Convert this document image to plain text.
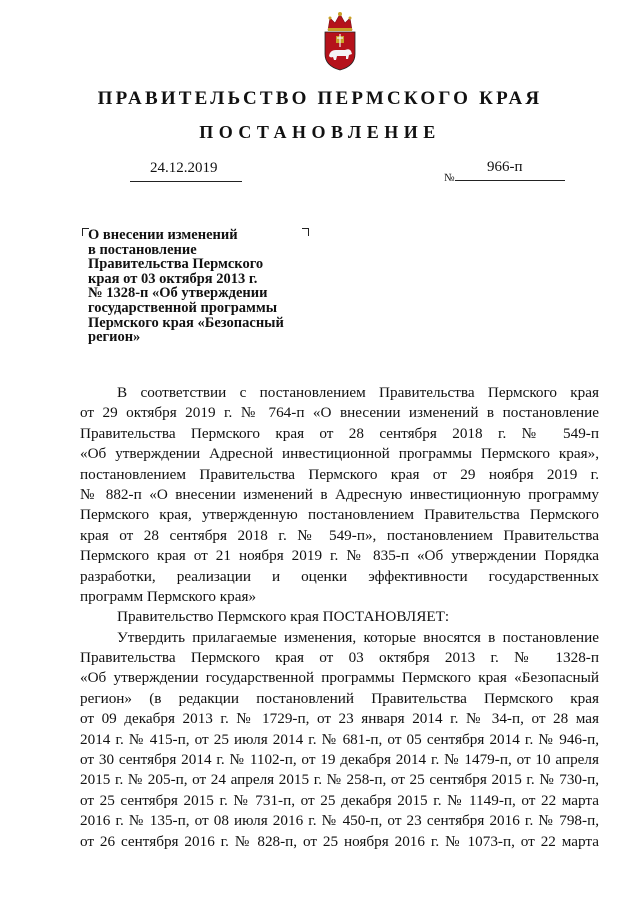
ПРАВИТЕЛЬСТВО ПЕРМСКОГО КРАЯ
ПОСТАНОВЛЕНИЕ
24.12.2019
№
966-п
О внесении изменений
в постановление
Правительства Пермского
края от 03 октября 2013 г.
№ 1328-п «Об утверждении
государственной программы
Пермского края «Безопасный
регион»
В соответствии с постановлением Правительства Пермского края
от 29 октября 2019 г. № 764-п «О внесении изменений в постановление
Правительства Пермского края от 28 сентября 2018 г. № 549-п
«Об утверждении Адресной инвестиционной программы Пермского края»,
постановлением Правительства Пермского края от 29 ноября 2019 г.
№ 882-п «О внесении изменений в Адресную инвестиционную программу
Пермского края, утвержденную постановлением Правительства Пермского
края от 28 сентября 2018 г. № 549-п», постановлением Правительства
Пермского края от 21 ноября 2019 г. № 835-п «Об утверждении Порядка
разработки, реализации и оценки эффективности государственных
программ Пермского края»
Правительство Пермского края ПОСТАНОВЛЯЕТ:
Утвердить прилагаемые изменения, которые вносятся в постановление
Правительства Пермского края от 03 октября 2013 г. № 1328-п
«Об утверждении государственной программы Пермского края «Безопасный
регион» (в редакции постановлений Правительства Пермского края
от 09 декабря 2013 г. № 1729-п, от 23 января 2014 г. № 34-п, от 28 мая
2014 г. № 415-п, от 25 июля 2014 г. № 681-п, от 05 сентября 2014 г. № 946-п,
от 30 сентября 2014 г. № 1102-п, от 19 декабря 2014 г. № 1479-п, от 10 апреля
2015 г. № 205-п, от 24 апреля 2015 г. № 258-п, от 25 сентября 2015 г. № 730-п,
от 25 сентября 2015 г. № 731-п, от 25 декабря 2015 г. № 1149-п, от 22 марта
2016 г. № 135-п, от 08 июля 2016 г. № 450-п, от 23 сентября 2016 г. № 798-п,
от 26 сентября 2016 г. № 828-п, от 25 ноября 2016 г. № 1073-п, от 22 марта
